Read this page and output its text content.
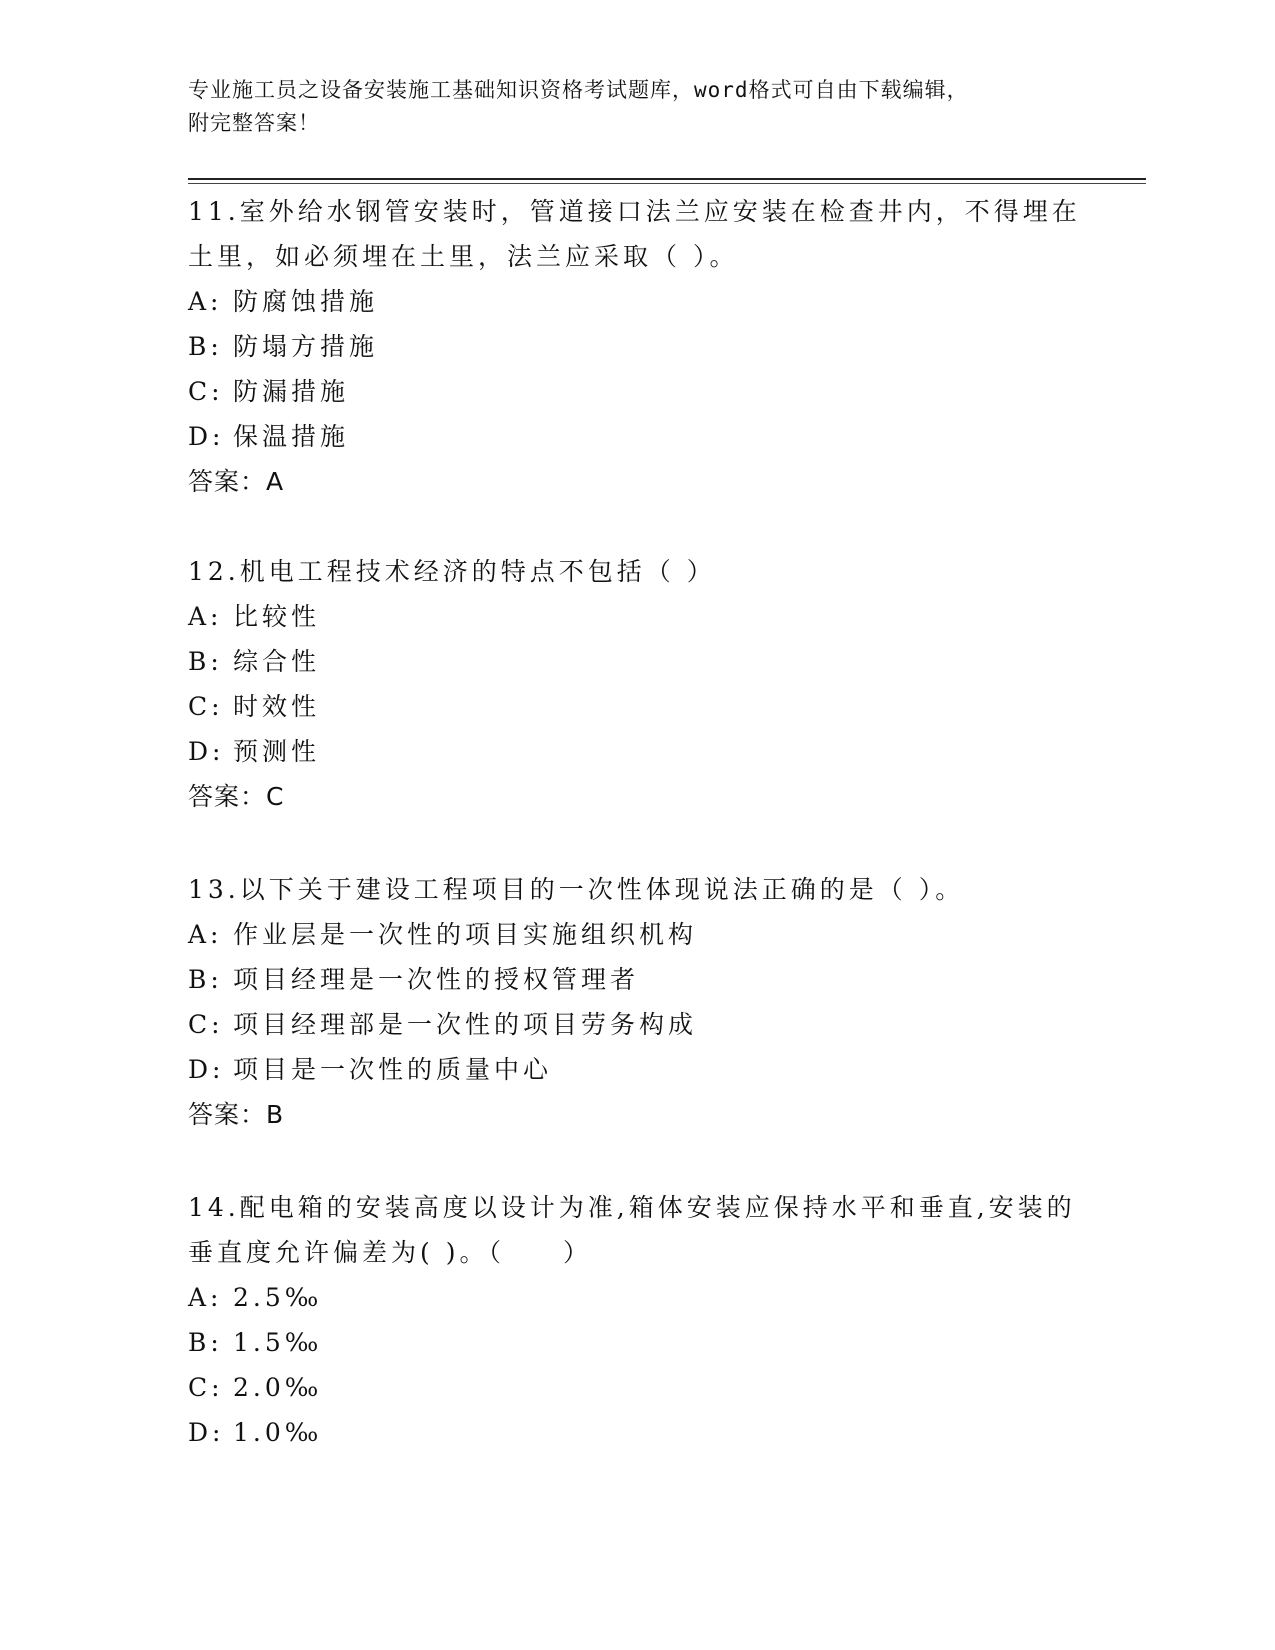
专业施工员之设备安装施工基础知识资格考试题库，word格式可自由下载编辑，
附完整答案！

11.室外给水钢管安装时，管道接口法兰应安装在检查井内，不得埋在

土里，如必须埋在土里，法兰应采取（ ）。

A: 防腐蚀措施

B: 防塌方措施

C: 防漏措施

D: 保温措施

答案：A

12.机电工程技术经济的特点不包括（ ）

A: 比较性

B: 综合性

C: 时效性

D: 预测性

答案：C

13.以下关于建设工程项目的一次性体现说法正确的是（ ）。

A: 作业层是一次性的项目实施组织机构

B: 项目经理是一次性的授权管理者

C: 项目经理部是一次性的项目劳务构成

D: 项目是一次性的质量中心

答案：B

14.配电箱的安装高度以设计为准,箱体安装应保持水平和垂直,安装的

垂直度允许偏差为( )。（　　）

A: 2.5‰

B: 1.5‰

C: 2.0‰

D: 1.0‰
